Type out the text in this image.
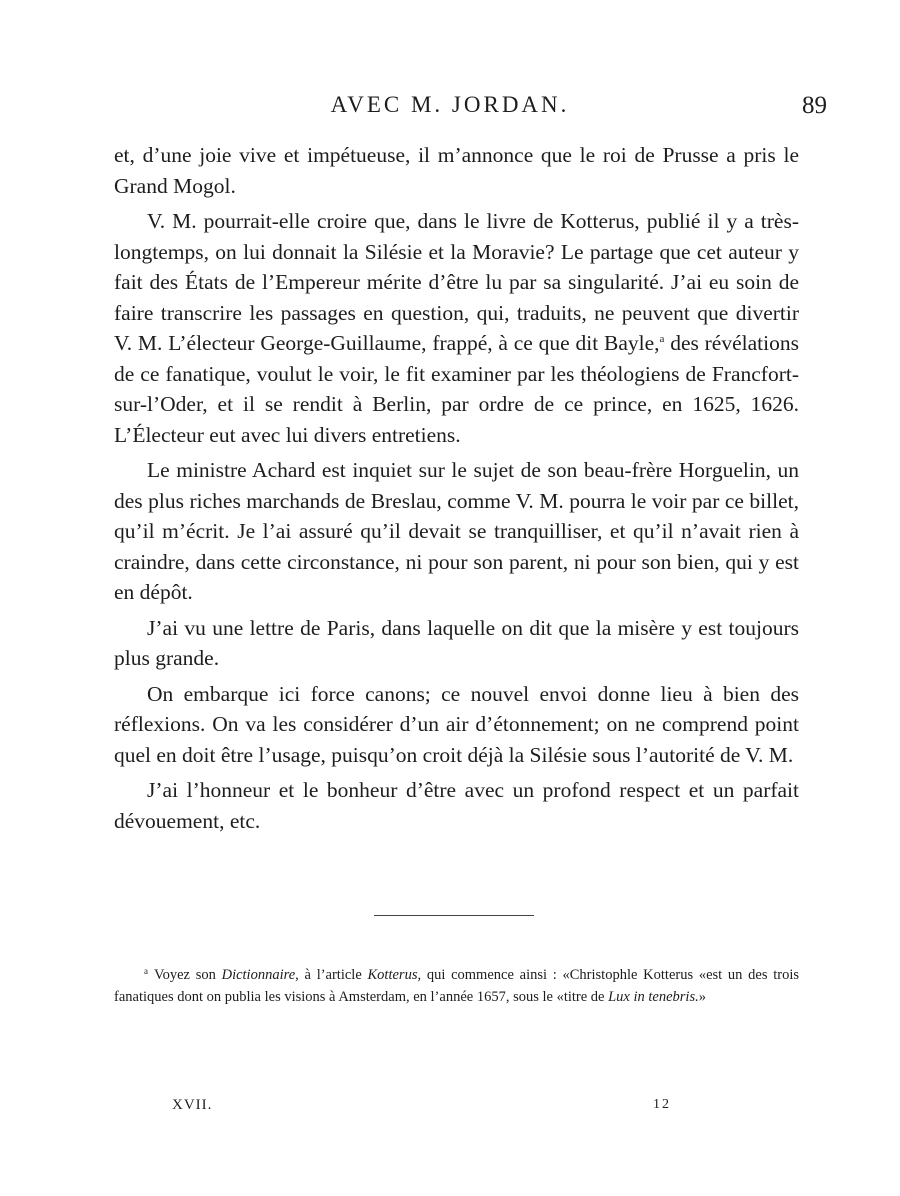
AVEC M. JORDAN.	89

et, d’une joie vive et impétueuse, il m’annonce que le roi de Prusse a pris le Grand Mogol.

V. M. pourrait-elle croire que, dans le livre de Kotterus, publié il y a très-longtemps, on lui donnait la Silésie et la Moravie? Le partage que cet auteur y fait des États de l’Empereur mérite d’être lu par sa singularité. J’ai eu soin de faire transcrire les passages en question, qui, traduits, ne peuvent que divertir V. M. L’électeur George-Guillaume, frappé, à ce que dit Bayle,$^a$ des révélations de ce fanatique, voulut le voir, le fit examiner par les théologiens de Francfort-sur-l’Oder, et il se rendit à Berlin, par ordre de ce prince, en 1625, 1626. L’Électeur eut avec lui divers entretiens.

Le ministre Achard est inquiet sur le sujet de son beau-frère Horguelin, un des plus riches marchands de Breslau, comme V. M. pourra le voir par ce billet, qu’il m’écrit. Je l’ai assuré qu’il devait se tranquilliser, et qu’il n’avait rien à craindre, dans cette circonstance, ni pour son parent, ni pour son bien, qui y est en dépôt.

J’ai vu une lettre de Paris, dans laquelle on dit que la misère y est toujours plus grande.

On embarque ici force canons; ce nouvel envoi donne lieu à bien des réflexions. On va les considérer d’un air d’étonnement; on ne comprend point quel en doit être l’usage, puisqu’on croit déjà la Silésie sous l’autorité de V. M.

J’ai l’honneur et le bonheur d’être avec un profond respect et un parfait dévouement, etc.

$^a$ Voyez son Dictionnaire, à l’article Kotterus, qui commence ainsi : «Christophle Kotterus «est un des trois fanatiques dont on publia les visions à Amsterdam, en l’année 1657, sous le «titre de Lux in tenebris.»

XVII.	12
